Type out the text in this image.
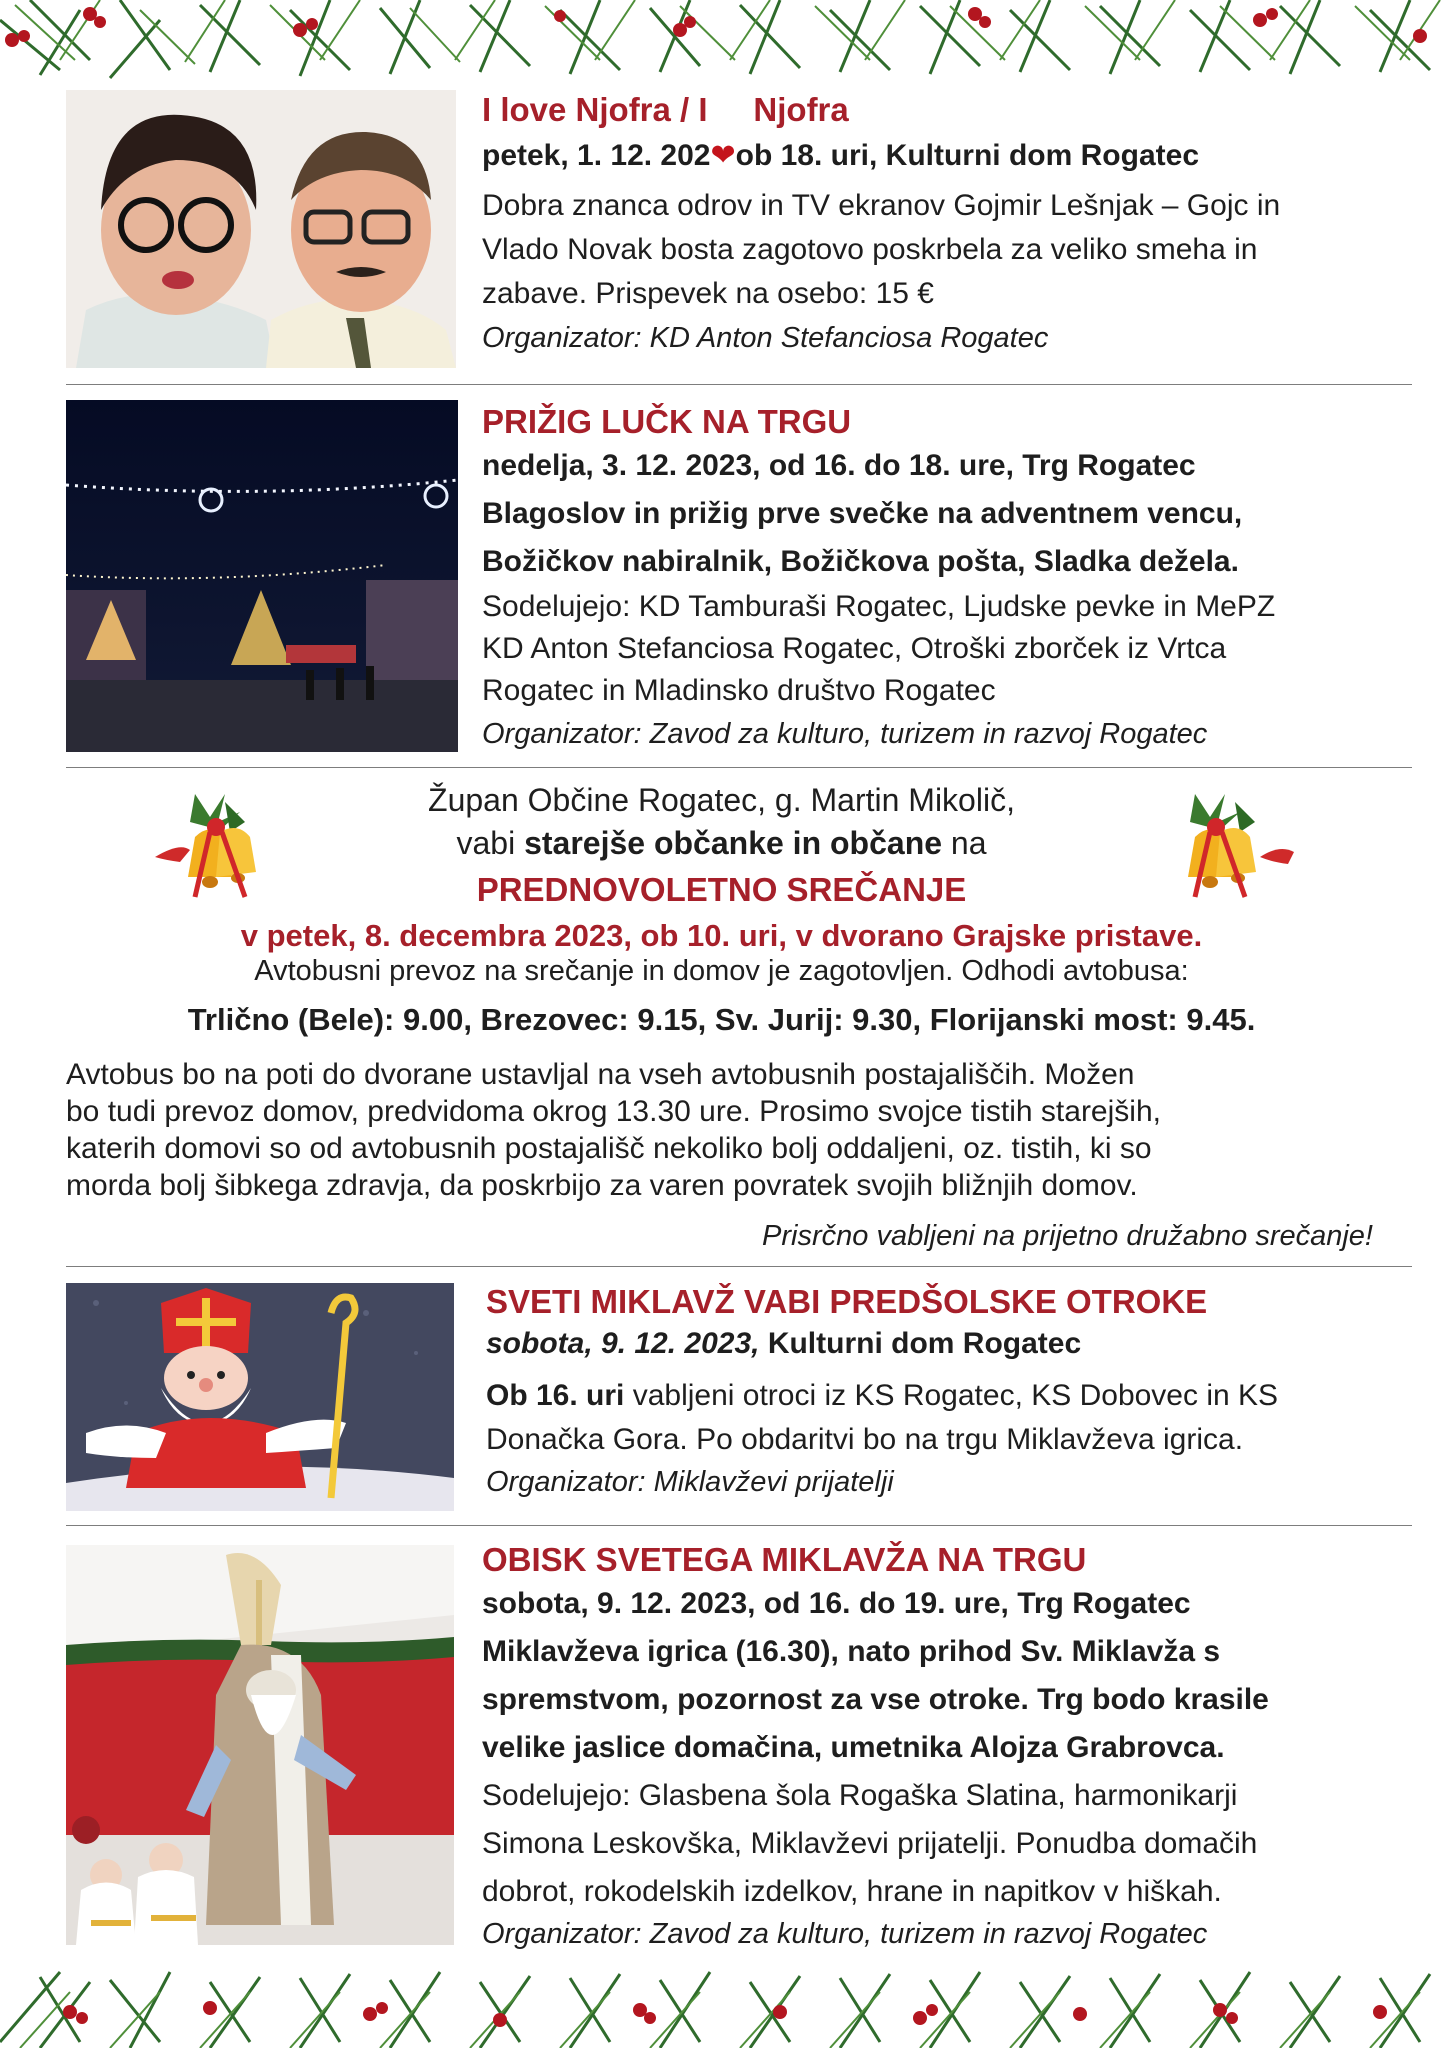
I love Njofra / I Njofra
petek, 1. 12. 202❤ob 18. uri, Kulturni dom Rogatec
Dobra znanca odrov in TV ekranov Gojmir Lešnjak – Gojc in
Vlado Novak bosta zagotovo poskrbela za veliko smeha in
zabave. Prispevek na osebo: 15 €
Organizator: KD Anton Stefanciosa Rogatec
PRIŽIG LUČK NA TRGU
nedelja, 3. 12. 2023, od 16. do 18. ure, Trg Rogatec
Blagoslov in prižig prve svečke na adventnem vencu,
Božičkov nabiralnik, Božičkova pošta, Sladka dežela.
Sodelujejo: KD Tamburaši Rogatec, Ljudske pevke in MePZ
KD Anton Stefanciosa Rogatec, Otroški zborček iz Vrtca
Rogatec in Mladinsko društvo Rogatec
Organizator: Zavod za kulturo, turizem in razvoj Rogatec
Župan Občine Rogatec, g. Martin Mikolič,
vabi starejše občanke in občane na
PREDNOVOLETNO SREČANJE
v petek, 8. decembra 2023, ob 10. uri, v dvorano Grajske pristave.
Avtobusni prevoz na srečanje in domov je zagotovljen. Odhodi avtobusa:
Trlično (Bele): 9.00, Brezovec: 9.15, Sv. Jurij: 9.30, Florijanski most: 9.45.
Avtobus bo na poti do dvorane ustavljal na vseh avtobusnih postajališčih. Možen
bo tudi prevoz domov, predvidoma okrog 13.30 ure. Prosimo svojce tistih starejših,
katerih domovi so od avtobusnih postajališč nekoliko bolj oddaljeni, oz. tistih, ki so
morda bolj šibkega zdravja, da poskrbijo za varen povratek svojih bližnjih domov.
Prisrčno vabljeni na prijetno družabno srečanje!
SVETI MIKLAVŽ VABI PREDŠOLSKE OTROKE
sobota, 9. 12. 2023, Kulturni dom Rogatec
Ob 16. uri vabljeni otroci iz KS Rogatec, KS Dobovec in KS
Donačka Gora. Po obdaritvi bo na trgu Miklavževa igrica.
Organizator: Miklavževi prijatelji
OBISK SVETEGA MIKLAVŽA NA TRGU
sobota, 9. 12. 2023, od 16. do 19. ure, Trg Rogatec
Miklavževa igrica (16.30), nato prihod Sv. Miklavža s
spremstvom, pozornost za vse otroke. Trg bodo krasile
velike jaslice domačina, umetnika Alojza Grabrovca.
Sodelujejo: Glasbena šola Rogaška Slatina, harmonikarji
Simona Leskovška, Miklavževi prijatelji. Ponudba domačih
dobrot, rokodelskih izdelkov, hrane in napitkov v hiškah.
Organizator: Zavod za kulturo, turizem in razvoj Rogatec
